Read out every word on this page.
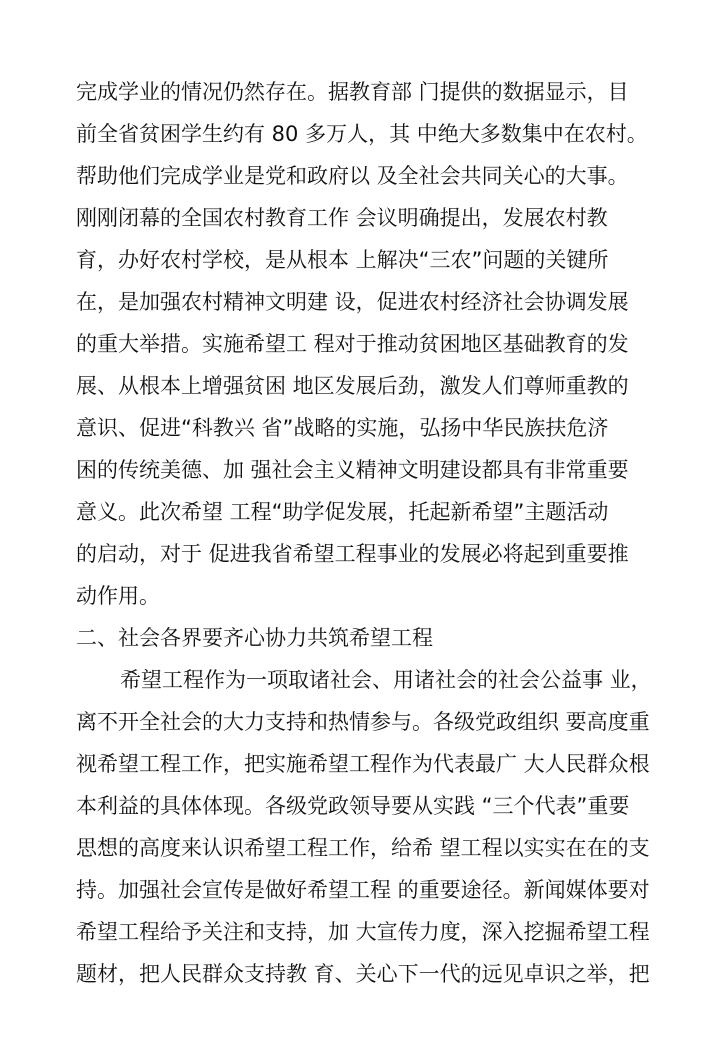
完成学业的情况仍然存在。据教育部 门提供的数据显示，目
前全省贫困学生约有 80 多万人，其 中绝大多数集中在农村。
帮助他们完成学业是党和政府以 及全社会共同关心的大事。
刚刚闭幕的全国农村教育工作 会议明确提出，发展农村教
育，办好农村学校，是从根本 上解决“三农”问题的关键所
在，是加强农村精神文明建 设，促进农村经济社会协调发展
的重大举措。实施希望工 程对于推动贫困地区基础教育的发
展、从根本上增强贫困 地区发展后劲，激发人们尊师重教的
意识、促进“科教兴 省”战略的实施，弘扬中华民族扶危济
困的传统美德、加 强社会主义精神文明建设都具有非常重要
意义。此次希望 工程“助学促发展，托起新希望”主题活动
的启动，对于 促进我省希望工程事业的发展必将起到重要推
动作用。
二、社会各界要齐心协力共筑希望工程
希望工程作为一项取诸社会、用诸社会的社会公益事 业，
离不开全社会的大力支持和热情参与。各级党政组织 要高度重
视希望工程工作，把实施希望工程作为代表最广 大人民群众根
本利益的具体体现。各级党政领导要从实践 “三个代表”重要
思想的高度来认识希望工程工作，给希 望工程以实实在在的支
持。加强社会宣传是做好希望工程 的重要途径。新闻媒体要对
希望工程给予关注和支持，加 大宣传力度，深入挖掘希望工程
题材，把人民群众支持教 育、关心下一代的远见卓识之举，把
